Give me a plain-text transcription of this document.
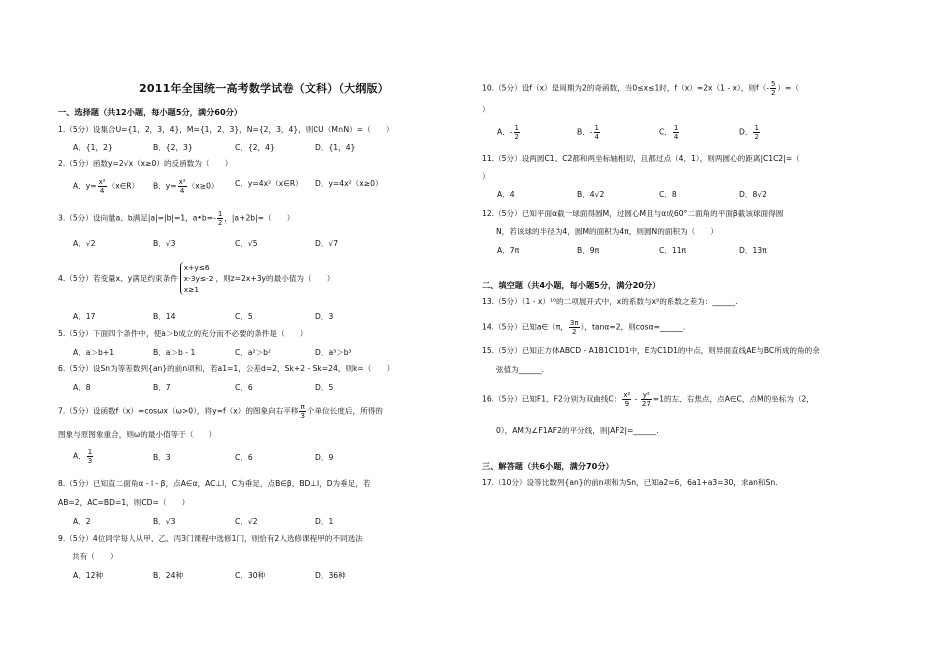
2011年全国统一高考数学试卷（文科）（大纲版）
一、选择题（共12小题，每小题5分，满分60分）
1.（5分）设集合U={1，2，3，4}，M={1，2，3}，N={2，3，4}，则∁U（M∩N）=（　　）
A．{1，2}	B．{2，3}	C．{2，4}	D．{1，4}
2.（5分）函数y=2√x（x≥0）的反函数为（　　）
A．$y= \frac{\text{x²}}{4}$ （x∈R） B．$y= \frac{\text{x²}}{4} (x\ge 0)$ C．y=4x²（x∈R） D．y=4x²（x≥0）
3.（5分）设向量a、b满足|a|=|b|=1，a•b=- $\frac{1}{2}$ ，|a+2b|=（　　）
A．√2	B．√3	C．√5	D．√7
4.（5分）若变量x、y满足约束条件
x+y≤6
x-3y≤-2
x≥1
，则z=2x+3y的最小值为（　　）
A．17	B．14	C．5	D．3
5.（5分）下面四个条件中，使a＞b成立的充分而不必要的条件是（　　）
A．a＞b+1	B．a＞b - 1	C．a²＞b²	D．a³＞b³
6.（5分）设Sn为等差数列{an}的前n项和，若a1=1，公差d=2，Sk+2 - Sk=24，则k=（　　）
A．8	B．7	C．6	D．5
7.（5分）设函数f（x）=cosωx（ω>0），将y=f（x）的图象向右平移 $\frac{\pi}{3}$ 个单位长度后，所得的
图象与原图象重合，则ω的最小值等于（　　）
A． $\frac{1}{3}$	B．3	C．6	D．9
8.（5分）已知直二面角α - l - β，点A∈α，AC⊥l，C为垂足，点B∈β，BD⊥l，D为垂足，若
AB=2，AC=BD=1，则CD=（　　）
A．2	B．√3	C．√2	D．1
9.（5分）4位同学每人从甲、乙、丙3门课程中选修1门，则恰有2人选修课程甲的不同选法
共有（　　）
A．12种	B．24种	C．30种	D．36种
10.（5分）设f（x）是周期为2的奇函数，当0≤x≤1时，f（x）=2x（1 - x），则$f(- \frac{5}{2}$ ）=（
）
A．- $\frac{1}{2}$	B．- $\frac{1}{4}$	C． $\frac{1}{4}$	D． $\frac{1}{2}$
11.（5分）设两圆C1、C2都和两坐标轴相切，且都过点（4，1），则两圆心的距离|C1C2|=（
）
A．4	B．4√2	C．8	D．8√2
12.（5分）已知平面α截一球面得圆M，过圆心M且与α成60°二面角的平面β截该球面得圆
N，若该球的半径为4，圆M的面积为4π，则圆N的面积为（　　）
A．7π	B．9π	C．11π	D．13π
二、填空题（共4小题，每小题5分，满分20分）
13.（5分）（1 - x）¹⁰的二项展开式中，x的系数与x⁹的系数之差为：______.
14.（5分）已知a∈（π， $\frac{3\pi}{2}$ ），tanα=2，则cosα=______.
15.（5分）已知正方体ABCD - A1B1C1D1中，E为C1D1的中点，则异面直线AE与BC所成的角的余
弦值为______.
16.（5分）已知F1、F2分别为双曲线C： $\frac{\text{x²}}{9} - \frac{\text{y²}}{27} =1$的左、右焦点，点A∈C，点M的坐标为（2，
0），AM为∠F1AF2的平分线，则|AF2|=______.
三、解答题（共6小题，满分70分）
17.（10分）设等比数列{an}的前n项和为Sn，已知a2=6，6a1+a3=30，求an和Sn.
